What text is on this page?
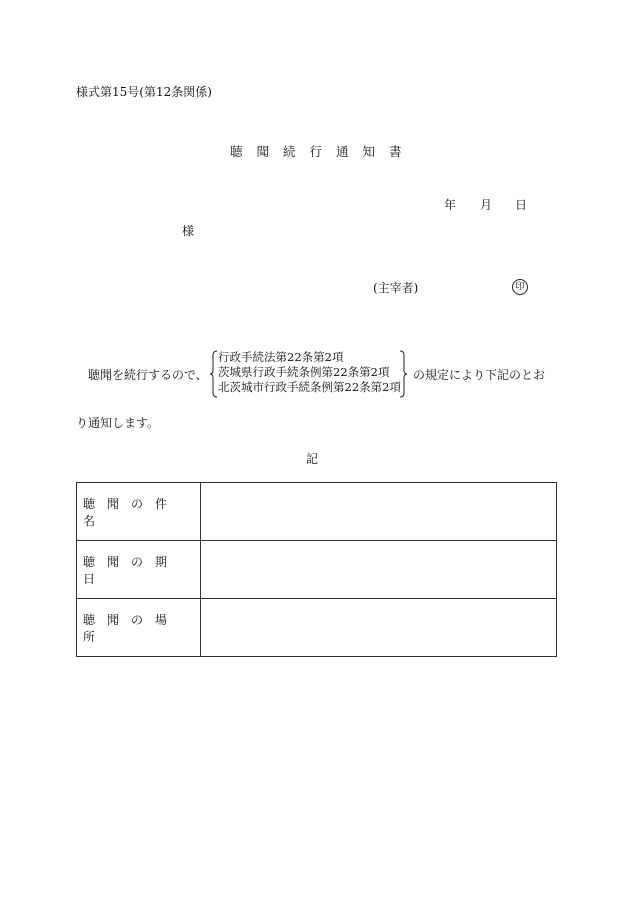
様式第15号(第12条関係)
聴聞続行通知書
年 月 日
様
(主宰者)	印
聴聞を続行するので、
行政手続法第22条第2項
茨城県行政手続条例第22条第2項
北茨城市行政手続条例第22条第2項
の規定により下記のとお
り通知します。
記
聴聞の件名	
聴聞の期日	
聴聞の場所	
